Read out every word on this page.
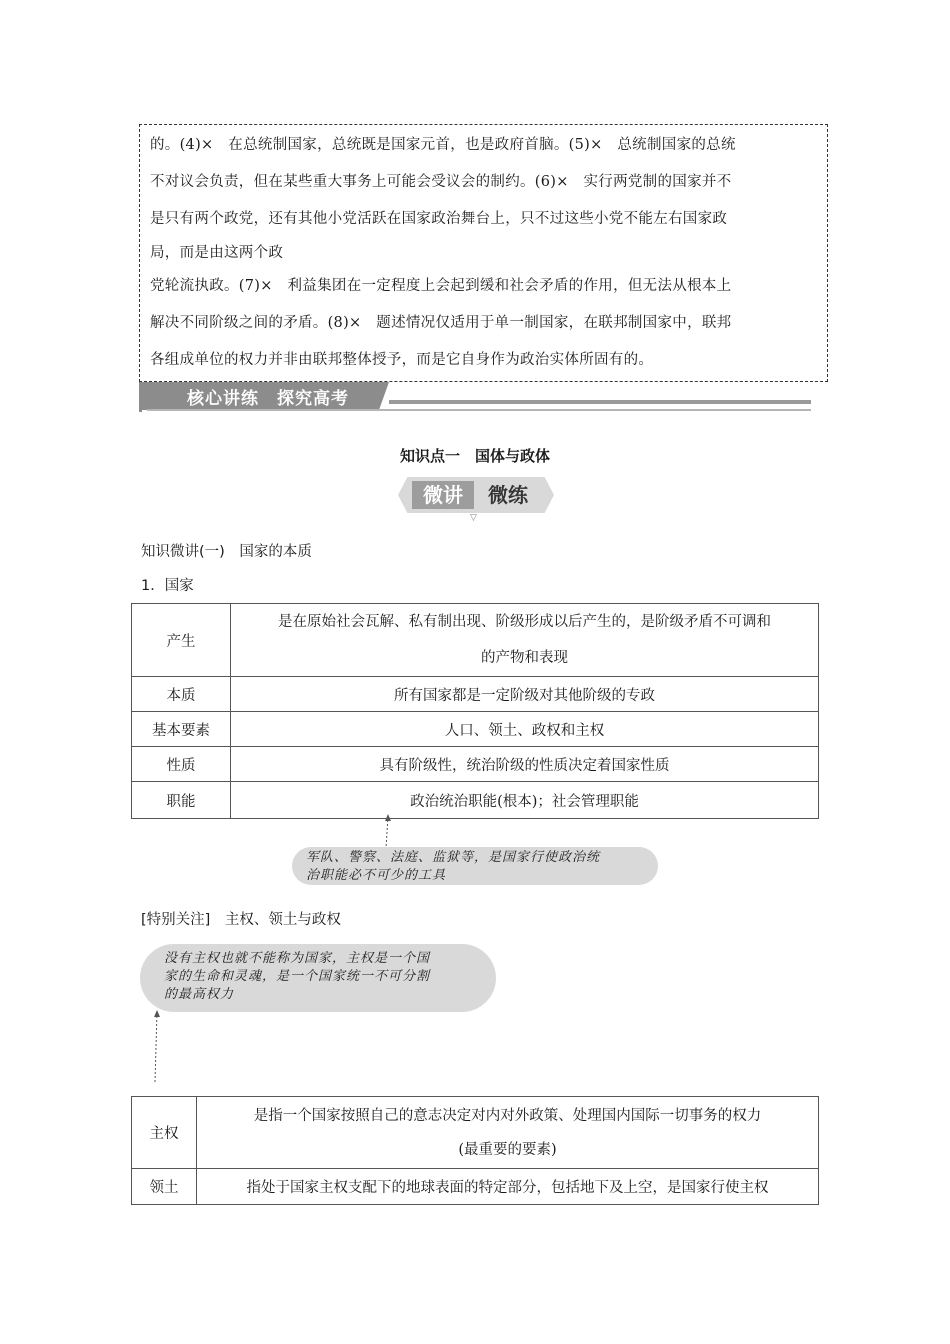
的。(4)×　在总统制国家，总统既是国家元首，也是政府首脑。(5)×　总统制国家的总统
不对议会负责，但在某些重大事务上可能会受议会的制约。(6)×　实行两党制的国家并不
是只有两个政党，还有其他小党活跃在国家政治舞台上，只不过这些小党不能左右国家政
局，而是由这两个政
党轮流执政。(7)×　利益集团在一定程度上会起到缓和社会矛盾的作用，但无法从根本上
解决不同阶级之间的矛盾。(8)×　题述情况仅适用于单一制国家，在联邦制国家中，联邦
各组成单位的权力并非由联邦整体授予，而是它自身作为政治实体所固有的。
核心讲练　探究高考
知识点一　国体与政体
微讲	微练
▽
知识微讲(一)　国家的本质
1．国家
产生	是在原始社会瓦解、私有制出现、阶级形成以后产生的，是阶级矛盾不可调和
的产物和表现

本质	所有国家都是一定阶级对其他阶级的专政
基本要素	人口、领土、政权和主权
性质	具有阶级性，统治阶级的性质决定着国家性质
职能	政治统治职能(根本)；社会管理职能
军队、警察、法庭、监狱等，是国家行使政治统
治职能必不可少的工具
[特别关注]　主权、领土与政权
没有主权也就不能称为国家，主权是一个国
家的生命和灵魂，是一个国家统一不可分割
的最高权力
主权	是指一个国家按照自己的意志决定对内对外政策、处理国内国际一切事务的权力
(最重要的要素)

领土	指处于国家主权支配下的地球表面的特定部分，包括地下及上空，是国家行使主权
